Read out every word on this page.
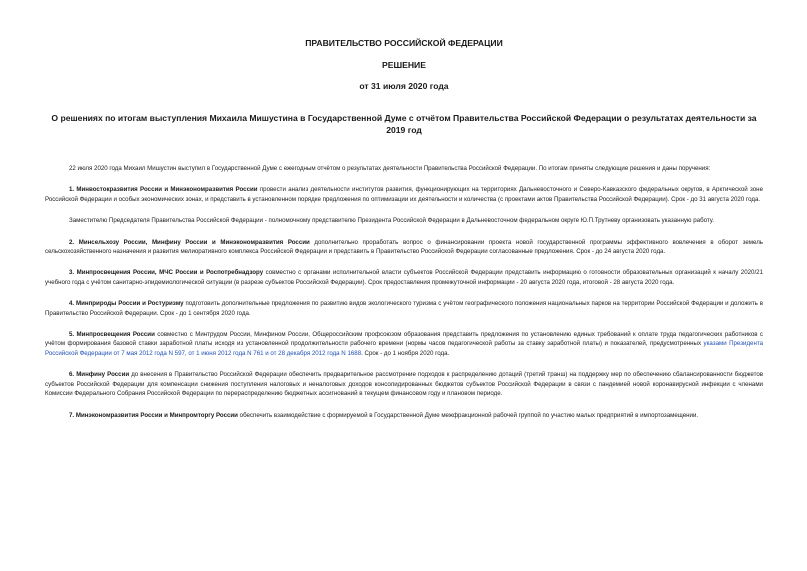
ПРАВИТЕЛЬСТВО РОССИЙСКОЙ ФЕДЕРАЦИИ
РЕШЕНИЕ
от 31 июля 2020 года
О решениях по итогам выступления Михаила Мишустина в Государственной Думе с отчётом Правительства Российской Федерации о результатах деятельности за 2019 год

22 июля 2020 года Михаил Мишустин выступил в Государственной Думе с ежегодным отчётом о результатах деятельности Правительства Российской Федерации. По итогам приняты следующие решения и даны поручения:

1. Минвостокразвития России и Минэкономразвития России провести анализ деятельности институтов развития, функционирующих на территориях Дальневосточного и Северо-Кавказского федеральных округов, в Арктической зоне Российской Федерации и особых экономических зонах, и представить в установленном порядке предложения по оптимизации их деятельности и количества (с проектами актов Правительства Российской Федерации). Срок - до 31 августа 2020 года.

Заместителю Председателя Правительства Российской Федерации - полномочному представителю Президента Российской Федерации в Дальневосточном федеральном округе Ю.П.Трутневу организовать указанную работу.

2. Минсельхозу России, Минфину России и Минэкономразвития России дополнительно проработать вопрос о финансировании проекта новой государственной программы эффективного вовлечения в оборот земель сельскохозяйственного назначения и развития мелиоративного комплекса Российской Федерации и представить в Правительство Российской Федерации согласованные предложения. Срок - до 24 августа 2020 года.

3. Минпросвещения России, МЧС России и Роспотребнадзору совместно с органами исполнительной власти субъектов Российской Федерации представить информацию о готовности образовательных организаций к началу 2020/21 учебного года с учётом санитарно-эпидемиологической ситуации (в разрезе субъектов Российской Федерации). Срок предоставления промежуточной информации - 20 августа 2020 года, итоговой - 28 августа 2020 года.

4. Минприроды России и Ростуризму подготовить дополнительные предложения по развитию видов экологического туризма с учётом географического положения национальных парков на территории Российской Федерации и доложить в Правительство Российской Федерации. Срок - до 1 сентября 2020 года.

5. Минпросвещения России совместно с Минтрудом России, Минфином России, Общероссийским профсоюзом образования представить предложения по установлению единых требований к оплате труда педагогических работников с учётом формирования базовой ставки заработной платы исходя из установленной продолжительности рабочего времени (нормы часов педагогической работы за ставку заработной платы) и показателей, предусмотренных указами Президента Российской Федерации от 7 мая 2012 года N 597, от 1 июня 2012 года N 761 и от 28 декабря 2012 года N 1688. Срок - до 1 ноября 2020 года.

6. Минфину России до внесения в Правительство Российской Федерации обеспечить предварительное рассмотрение подходов к распределению дотаций (третий транш) на поддержку мер по обеспечению сбалансированности бюджетов субъектов Российской Федерации для компенсации снижения поступления налоговых и неналоговых доходов консолидированных бюджетов субъектов Российской Федерации в связи с пандемией новой коронавирусной инфекции с членами Комиссии Федерального Собрания Российской Федерации по перераспределению бюджетных ассигнований в текущем финансовом году и плановом периоде.

7. Минэкономразвития России и Минпромторгу России обеспечить взаимодействие с формируемой в Государственной Думе межфракционной рабочей группой по участию малых предприятий в импортозамещении.
